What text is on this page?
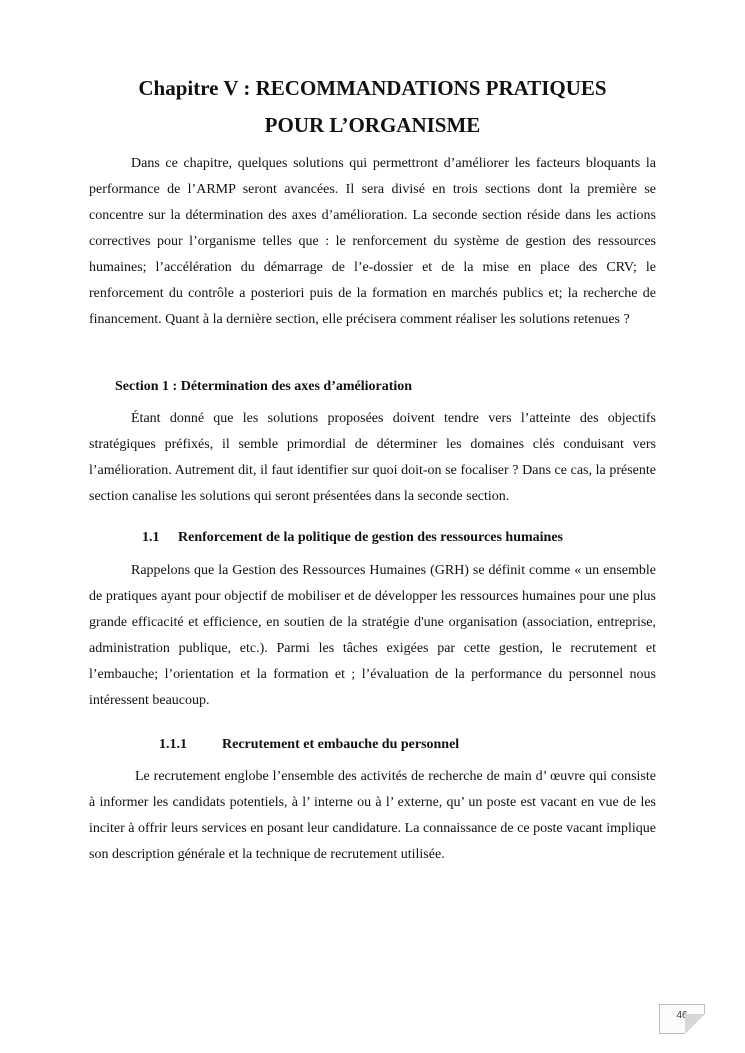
Chapitre V : RECOMMANDATIONS PRATIQUES
POUR L’ORGANISME

Dans ce chapitre, quelques solutions qui permettront d’améliorer les facteurs bloquants la performance de l’ARMP seront avancées. Il sera divisé en trois sections dont la première se concentre sur la détermination des axes d’amélioration. La seconde section réside dans les actions correctives pour l’organisme telles que : le renforcement du système de gestion des ressources humaines; l’accélération du démarrage de l’e-dossier et de la mise en place des CRV; le renforcement du contrôle a posteriori puis de la formation en marchés publics et; la recherche de financement. Quant à la dernière section, elle précisera comment réaliser les solutions retenues ?

Section 1 : Détermination des axes d’amélioration

Étant donné que les solutions proposées doivent tendre vers l’atteinte des objectifs stratégiques préfixés, il semble primordial de déterminer les domaines clés conduisant vers l’amélioration. Autrement dit, il faut identifier sur quoi doit-on se focaliser ? Dans ce cas, la présente section canalise les solutions qui seront présentées dans la seconde section.

1.1 Renforcement de la politique de gestion des ressources humaines

Rappelons que la Gestion des Ressources Humaines (GRH) se définit comme « un ensemble de pratiques ayant pour objectif de mobiliser et de développer les ressources humaines pour une plus grande efficacité et efficience, en soutien de la stratégie d'une organisation (association, entreprise, administration publique, etc.). Parmi les tâches exigées par cette gestion, le recrutement et l’embauche; l’orientation et la formation et ; l’évaluation de la performance du personnel nous intéressent beaucoup.

1.1.1	Recrutement et embauche du personnel

Le recrutement englobe l’ensemble des activités de recherche de main d’ œuvre qui consiste à informer les candidats potentiels, à l’ interne ou à l’ externe, qu’ un poste est vacant en vue de les inciter à offrir leurs services en posant leur candidature. La connaissance de ce poste vacant implique son description générale et la technique de recrutement utilisée.

46
